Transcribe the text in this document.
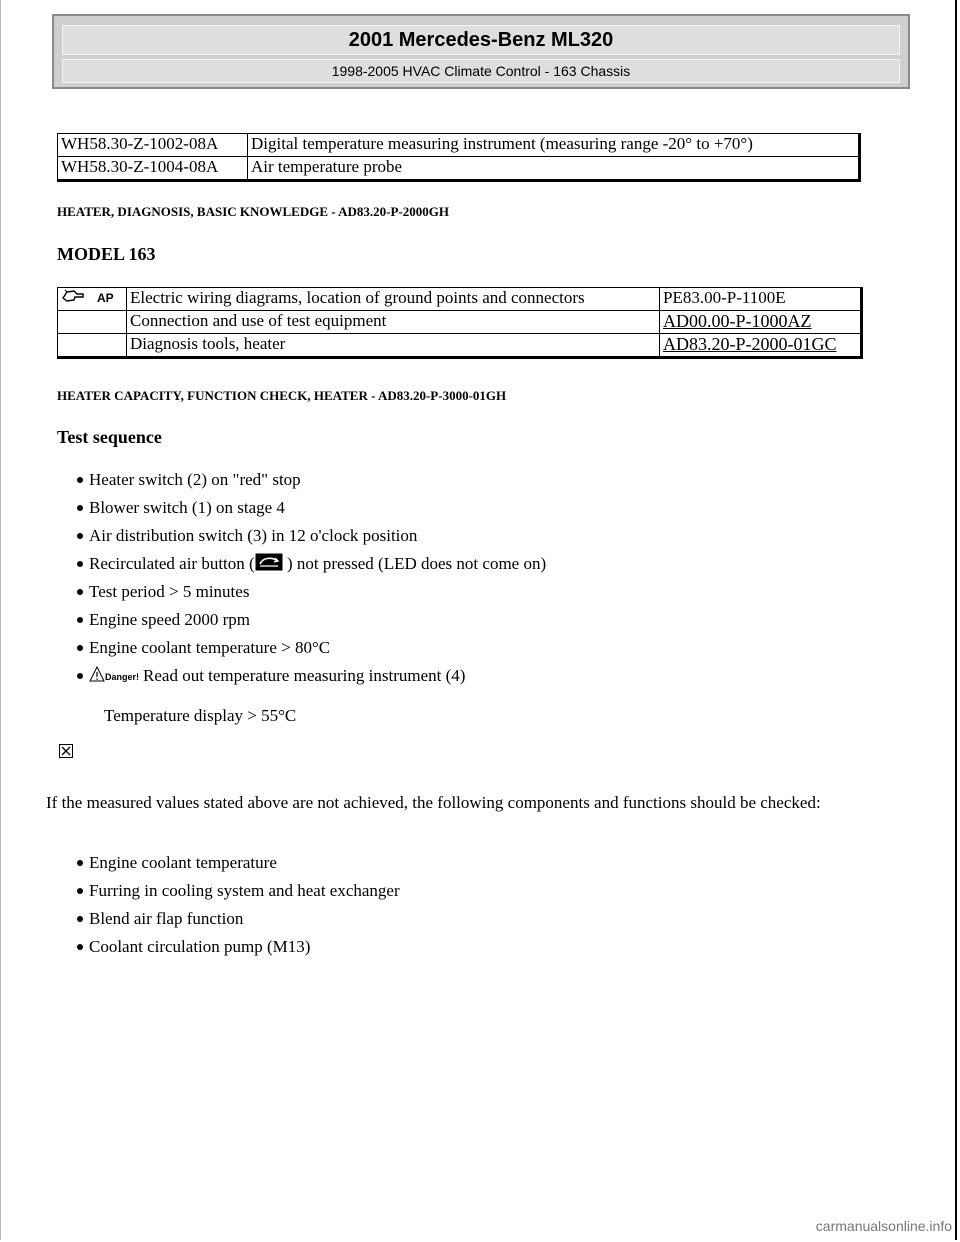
2001 Mercedes-Benz ML320
1998-2005 HVAC Climate Control - 163 Chassis
WH58.30-Z-1002-08A	Digital temperature measuring instrument (measuring range -20° to +70°)
WH58.30-Z-1004-08A	Air temperature probe
HEATER, DIAGNOSIS, BASIC KNOWLEDGE - AD83.20-P-2000GH
MODEL 163
$^{AP}$	Electric wiring diagrams, location of ground points and connectors	PE83.00-P-1100E
	Connection and use of test equipment	AD00.00-P-1000AZ
	Diagnosis tools, heater	AD83.20-P-2000-01GC
HEATER CAPACITY, FUNCTION CHECK, HEATER - AD83.20-P-3000-01GH
Test sequence
Heater switch (2) on "red" stop
Blower switch (1) on stage 4
Air distribution switch (3) in 12 o'clock position
Recirculated air button ( ) not pressed (LED does not come on)
Test period > 5 minutes
Engine speed 2000 rpm
Engine coolant temperature > 80°C
Danger! Read out temperature measuring instrument (4)

Temperature display > 55°C

If the measured values stated above are not achieved, the following components and functions should be checked:

Engine coolant temperature
Furring in cooling system and heat exchanger
Blend air flap function
Coolant circulation pump (M13)
carmanualsonline.info
